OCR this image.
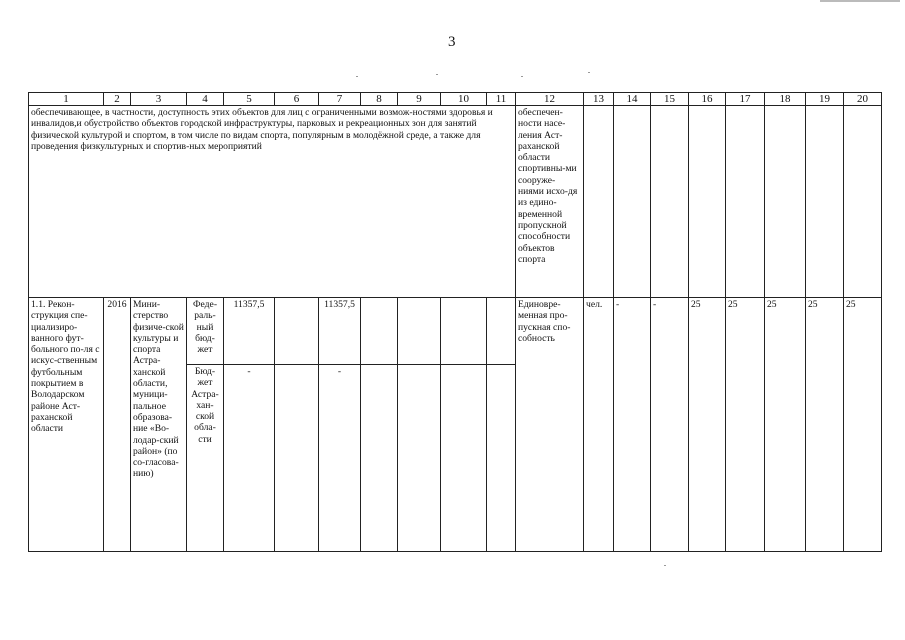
3
1	2	3	4	5	6	7	8	9	10	11	12	13	14	15	16	17	18	19	20
обеспечивающее, в частности, доступность этих объектов для лиц с ограниченными возмож-ностями здоровья и инвалидов,и обустройство объектов городской инфраструктуры, парковых и рекреационных зон для занятий физической культурой и спортом, в том числе по видам спорта, популярным в молодёжной среде, а также для проведения физкультурных и спортив-ных мероприятий											обеспечен-ности насе-ления Аст-раханской области спортивны-ми сооруже-ниями исхо-дя из едино-временной пропускной способности объектов спорта								
1.1. Рекон-струкция спе-циализиро-ванного фут-больного по-ля с искус-ственным футбольным покрытием в Володарском районе Аст-раханской области	2016	Мини-стерство физиче-ской культуры и спорта Астра-ханской области, муници-пальное образова-ние «Во-лодар-ский район» (по со-гласова-нию)	Феде-раль-ный бюд-жет	11357,5		11357,5					Единовре-менная про-пускная спо-собность	чел.	-	-	25	25	25	25	25
			Бюд-жет Астра-хан-ской обла-сти	-		-													
